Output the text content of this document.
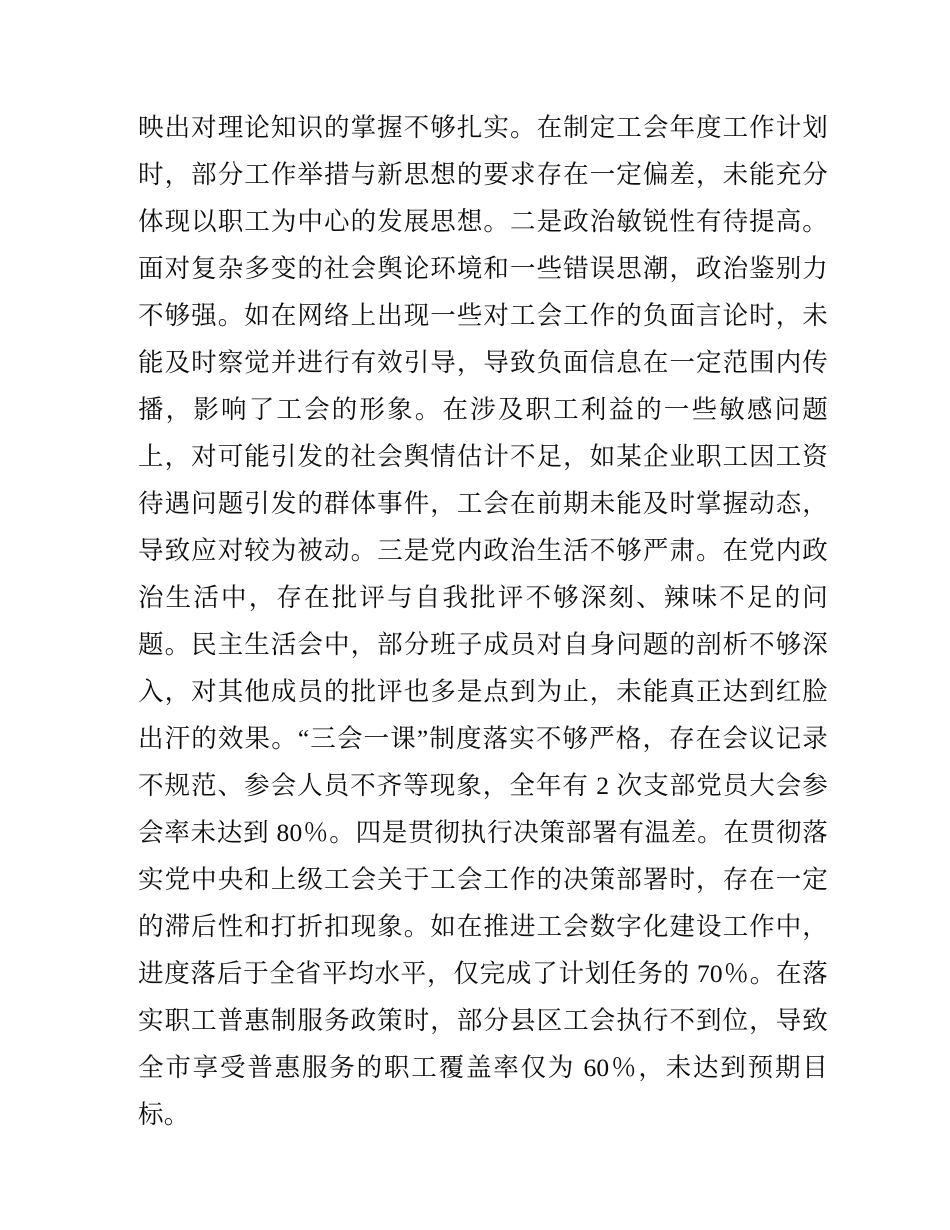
映出对理论知识的掌握不够扎实。在制定工会年度工作计划时，部分工作举措与新思想的要求存在一定偏差，未能充分体现以职工为中心的发展思想。二是政治敏锐性有待提高。面对复杂多变的社会舆论环境和一些错误思潮，政治鉴别力不够强。如在网络上出现一些对工会工作的负面言论时，未能及时察觉并进行有效引导，导致负面信息在一定范围内传播，影响了工会的形象。在涉及职工利益的一些敏感问题上，对可能引发的社会舆情估计不足，如某企业职工因工资待遇问题引发的群体事件，工会在前期未能及时掌握动态，导致应对较为被动。三是党内政治生活不够严肃。在党内政治生活中，存在批评与自我批评不够深刻、辣味不足的问题。民主生活会中，部分班子成员对自身问题的剖析不够深入，对其他成员的批评也多是点到为止，未能真正达到红脸出汗的效果。“三会一课”制度落实不够严格，存在会议记录不规范、参会人员不齐等现象，全年有 2 次支部党员大会参会率未达到 80％。四是贯彻执行决策部署有温差。在贯彻落实党中央和上级工会关于工会工作的决策部署时，存在一定的滞后性和打折扣现象。如在推进工会数字化建设工作中，进度落后于全省平均水平，仅完成了计划任务的 70％。在落实职工普惠制服务政策时，部分县区工会执行不到位，导致全市享受普惠服务的职工覆盖率仅为 60％，未达到预期目标。
